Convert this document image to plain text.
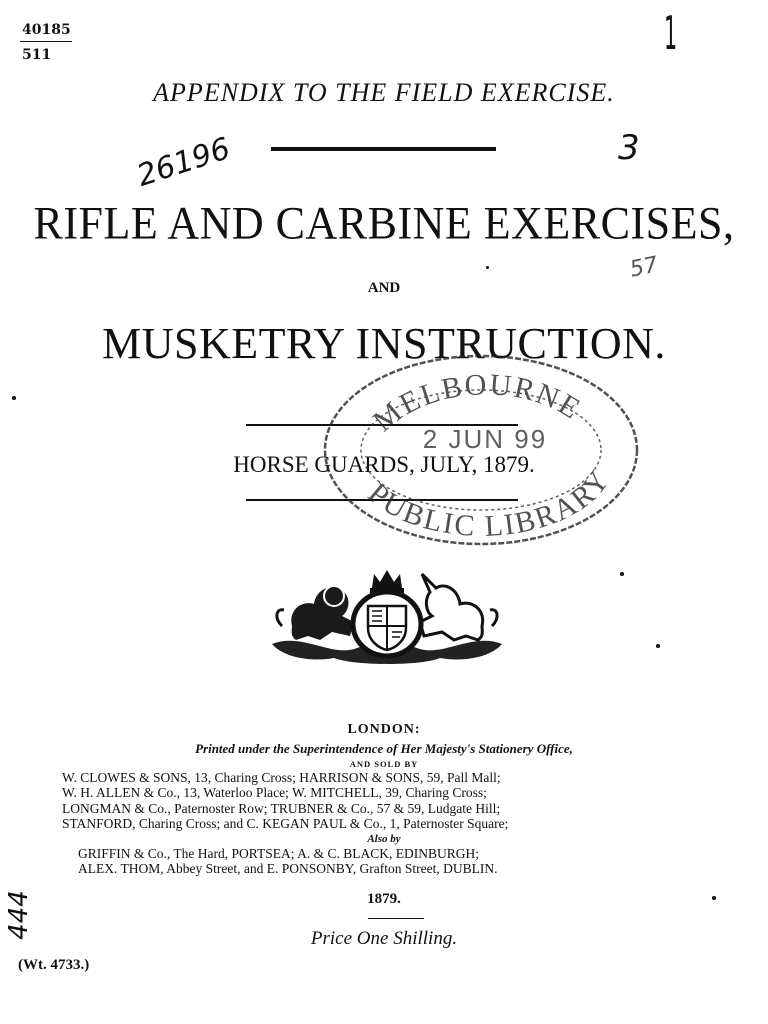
40185
511	1
26196	3
57
444
APPENDIX TO THE FIELD EXERCISE.
RIFLE AND CARBINE EXERCISES,
AND
MUSKETRY INSTRUCTION.
HORSE GUARDS, JULY, 1879.
MELBOURNE
2 JUN 99
PUBLIC LIBRARY
LONDON:
Printed under the Superintendence of Her Majesty's Stationery Office,
AND SOLD BY
W. CLOWES & SONS, 13, Charing Cross; HARRISON & SONS, 59, Pall Mall;
W. H. ALLEN & Co., 13, Waterloo Place; W. MITCHELL, 39, Charing Cross;
LONGMAN & Co., Paternoster Row; TRUBNER & Co., 57 & 59, Ludgate Hill;
STANFORD, Charing Cross; and C. KEGAN PAUL & Co., 1, Paternoster Square;
Also by
GRIFFIN & Co., The Hard, PORTSEA; A. & C. BLACK, EDINBURGH;
ALEX. THOM, Abbey Street, and E. PONSONBY, Grafton Street, DUBLIN.
1879.
Price One Shilling.
(Wt. 4733.)
